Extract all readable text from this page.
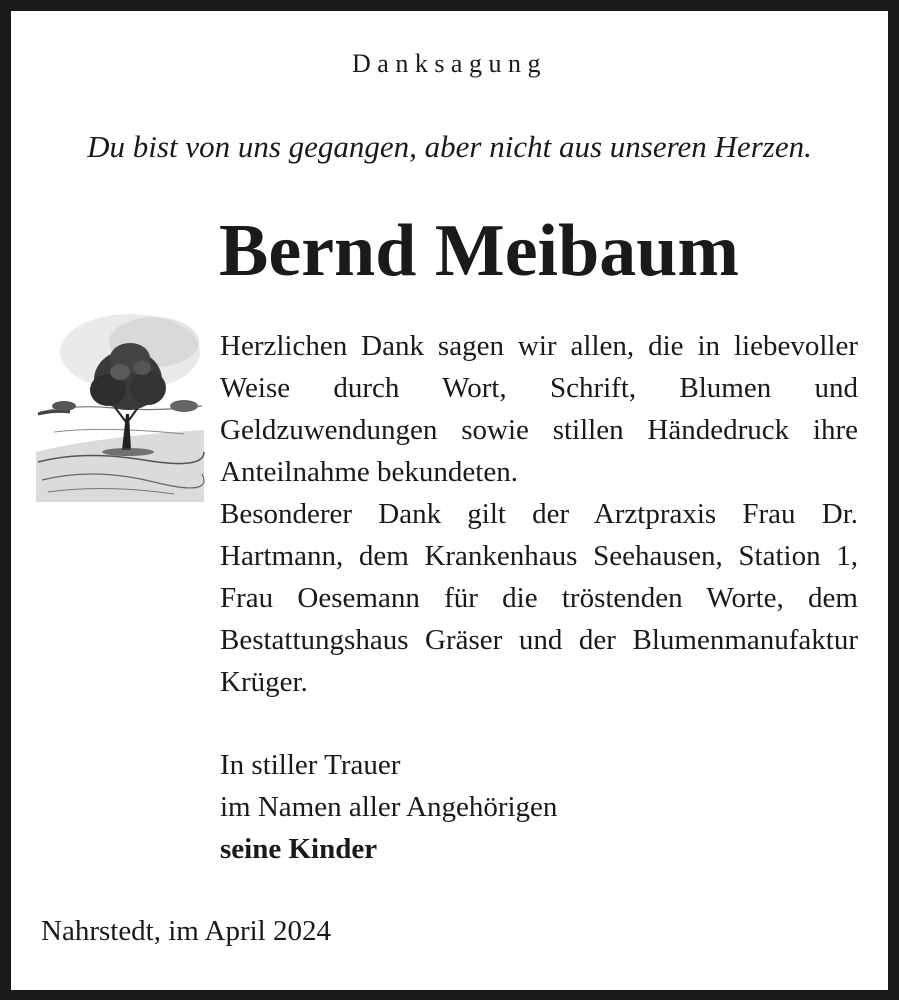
Danksagung
Du bist von uns gegangen, aber nicht aus unseren Herzen.
Bernd Meibaum

Herzlichen Dank sagen wir allen, die in liebevoller Weise durch Wort, Schrift, Blumen und Geldzuwendungen sowie stillen Händedruck ihre Anteilnahme bekundeten.

Besonderer Dank gilt der Arztpraxis Frau Dr. Hartmann, dem Krankenhaus Seehausen, Station 1, Frau Oesemann für die tröstenden Worte, dem Bestattungshaus Gräser und der Blumenmanufaktur Krüger.

In stiller Trauer
im Namen aller Angehörigen
seine Kinder
Nahrstedt, im April 2024
